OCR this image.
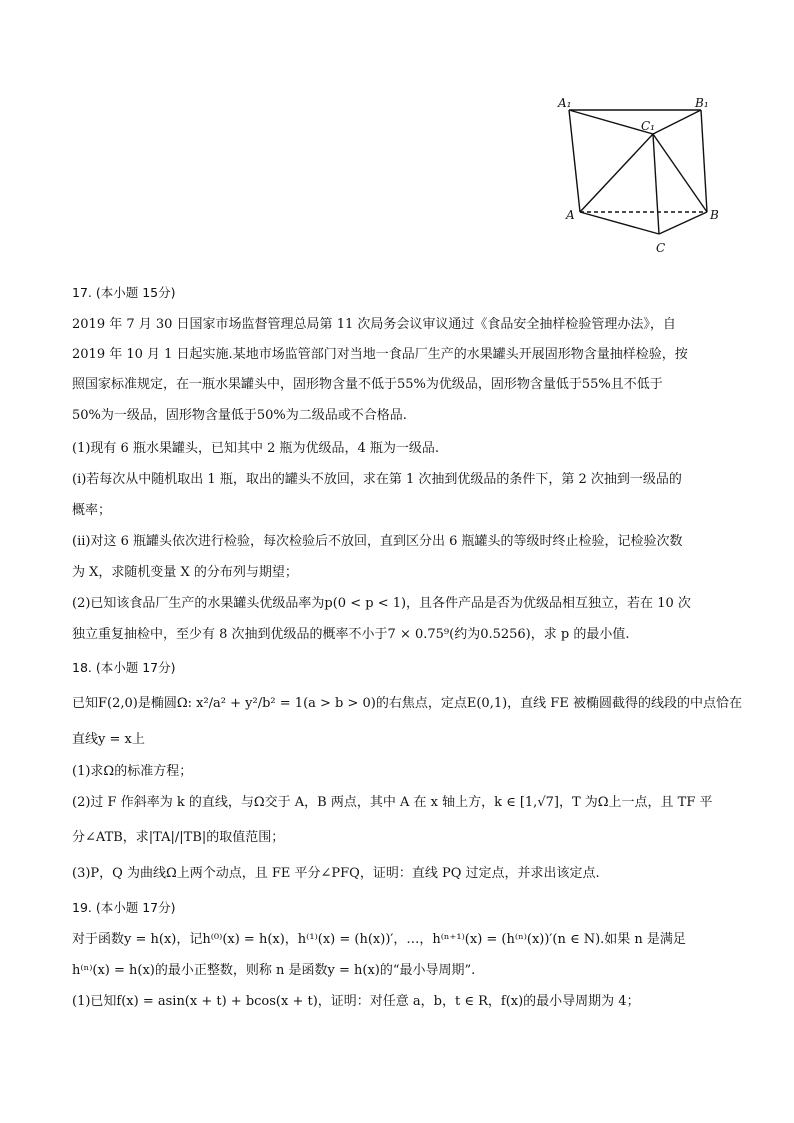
A₁	B₁
C₁
A	B
C
17. (本小题 15分)
2019 年 7 月 30 日国家市场监督管理总局第 11 次局务会议审议通过《食品安全抽样检验管理办法》，自
2019 年 10 月 1 日起实施.某地市场监管部门对当地一食品厂生产的水果罐头开展固形物含量抽样检验，按
照国家标准规定，在一瓶水果罐头中，固形物含量不低于55%为优级品，固形物含量低于55%且不低于
50%为一级品，固形物含量低于50%为二级品或不合格品.
(1)现有 6 瓶水果罐头，已知其中 2 瓶为优级品，4 瓶为一级品.
(i)若每次从中随机取出 1 瓶，取出的罐头不放回，求在第 1 次抽到优级品的条件下，第 2 次抽到一级品的
概率；
(ii)对这 6 瓶罐头依次进行检验，每次检验后不放回，直到区分出 6 瓶罐头的等级时终止检验，记检验次数
为 X，求随机变量 X 的分布列与期望；
(2)已知该食品厂生产的水果罐头优级品率为p(0 < p < 1)，且各件产品是否为优级品相互独立，若在 10 次
独立重复抽检中，至少有 8 次抽到优级品的概率不小于7 × 0.75⁹(约为0.5256)，求 p 的最小值.
18. (本小题 17分)
已知F(2,0)是椭圆Ω: x²/a² + y²/b² = 1(a > b > 0)的右焦点，定点E(0,1)，直线 FE 被椭圆截得的线段的中点恰在
直线y = x上
(1)求Ω的标准方程；
(2)过 F 作斜率为 k 的直线，与Ω交于 A，B 两点，其中 A 在 x 轴上方，k ∈ [1,√7]，T 为Ω上一点，且 TF 平
分∠ATB，求|TA|/|TB|的取值范围；
(3)P，Q 为曲线Ω上两个动点，且 FE 平分∠PFQ，证明：直线 PQ 过定点，并求出该定点.
19. (本小题 17分)
对于函数y = h(x)，记h⁽⁰⁾(x) = h(x)，h⁽¹⁾(x) = (h(x))′，…，h⁽ⁿ⁺¹⁾(x) = (h⁽ⁿ⁾(x))′(n ∈ N).如果 n 是满足
h⁽ⁿ⁾(x) = h(x)的最小正整数，则称 n 是函数y = h(x)的“最小导周期”.
(1)已知f(x) = asin(x + t) + bcos(x + t)，证明：对任意 a，b，t ∈ R，f(x)的最小导周期为 4；
